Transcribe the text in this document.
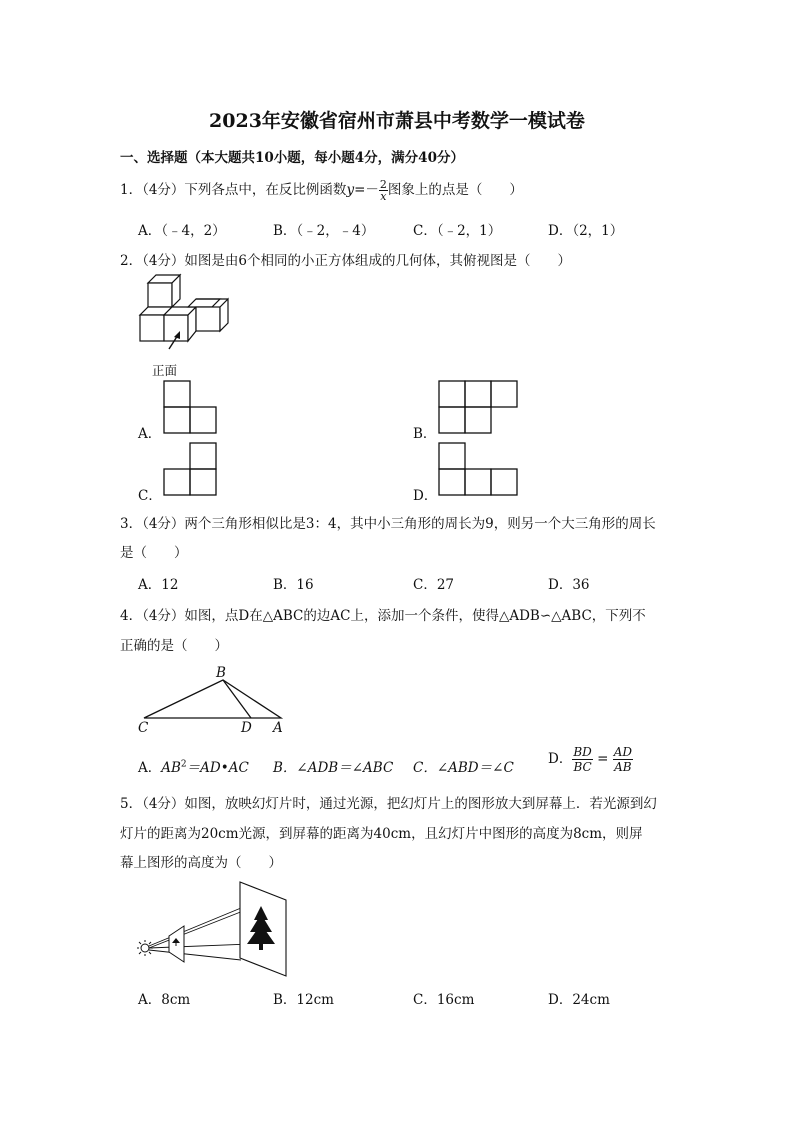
2023年安徽省宿州市萧县中考数学一模试卷
一、选择题（本大题共10小题，每小题4分，满分40分）
1．（4分）下列各点中，在反比例函数$y=- \frac{2}{x}$ 图象上的点是（　　）
A．（﹣4，2）	B．（﹣2，﹣4）	C．（﹣2，1）	D．（2，1）
2．（4分）如图是由6个相同的小正方体组成的几何体，其俯视图是（　　）
正面
A．	B．
C．	D．
3．（4分）两个三角形相似比是3：4，其中小三角形的周长为9，则另一个大三角形的周长
是（　　）
A．12	B．16	C．27	D．36
4．（4分）如图，点D在△ABC的边AC上，添加一个条件，使得△ADB∽△ABC，下列不
正确的是（　　）
B
C	D A
A．$AB^2=AD•AC$ B．∠ADB＝∠ABC C．∠ABD＝∠C
D． $\frac{BD}{BC} = \frac{AD}{AB}$
5．（4分）如图，放映幻灯片时，通过光源，把幻灯片上的图形放大到屏幕上．若光源到幻
灯片的距离为20cm光源，到屏幕的距离为40cm，且幻灯片中图形的高度为8cm，则屏
幕上图形的高度为（　　）
A．8cm	B．12cm	C．16cm	D．24cm
